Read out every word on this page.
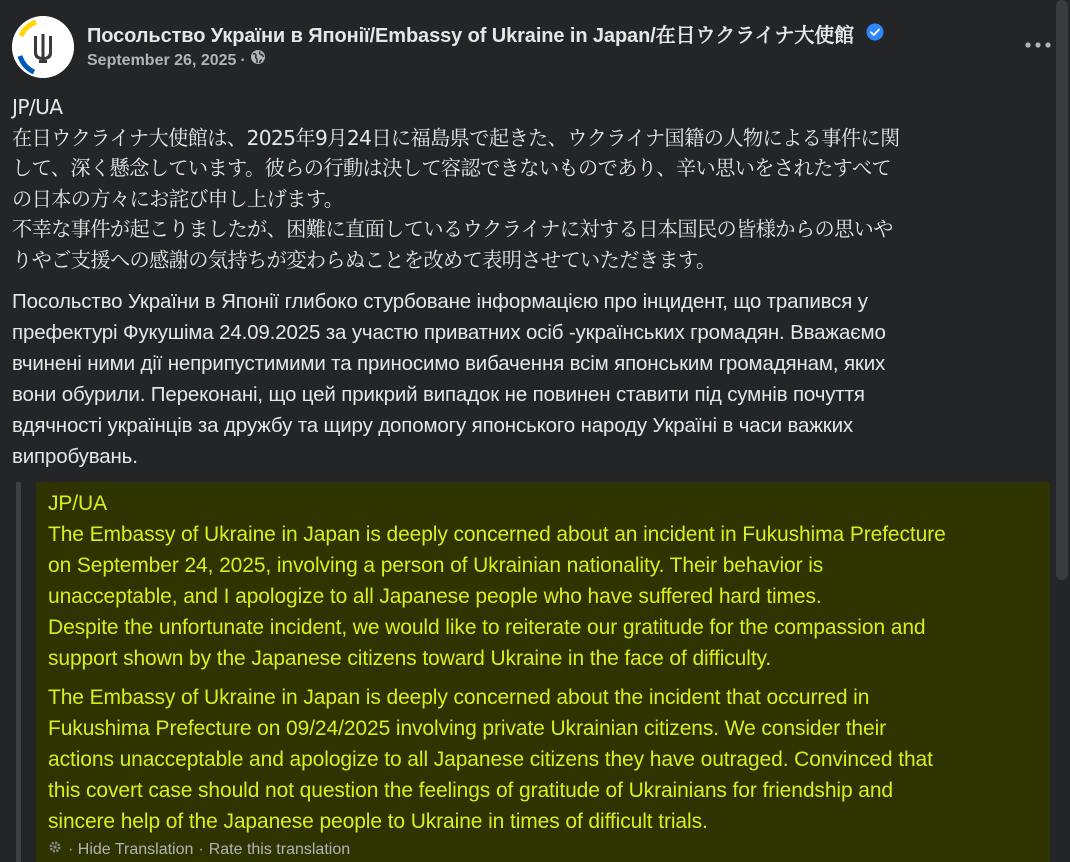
Посольство України в Японії/Embassy of Ukraine in Japan/在日ウクライナ大使館
September 26, 2025 ·

JP/UA

在日ウクライナ大使館は、2025年9月24日に福島県で起きた、ウクライナ国籍の人物による事件に関

して、深く懸念しています。彼らの行動は決して容認できないものであり、辛い思いをされたすべて

の日本の方々にお詫び申し上げます。

不幸な事件が起こりましたが、困難に直面しているウクライナに対する日本国民の皆様からの思いや

りやご支援への感謝の気持ちが変わらぬことを改めて表明させていただきます。

Посольство України в Японії глибоко стурбоване інформацією про інцидент, що трапився у

префектурі Фукушіма 24.09.2025 за участю приватних осіб -українських громадян. Вважаємо

вчинені ними дії неприпустимими та приносимо вибачення всім японським громадянам, яких

вони обурили. Переконані, що цей прикрий випадок не повинен ставити під сумнів почуття

вдячності українців за дружбу та щиру допомогу японського народу Україні в часи важких

випробувань.

JP/UA

The Embassy of Ukraine in Japan is deeply concerned about an incident in Fukushima Prefecture

on September 24, 2025, involving a person of Ukrainian nationality. Their behavior is

unacceptable, and I apologize to all Japanese people who have suffered hard times.

Despite the unfortunate incident, we would like to reiterate our gratitude for the compassion and

support shown by the Japanese citizens toward Ukraine in the face of difficulty.

The Embassy of Ukraine in Japan is deeply concerned about the incident that occurred in

Fukushima Prefecture on 09/24/2025 involving private Ukrainian citizens. We consider their

actions unacceptable and apologize to all Japanese citizens they have outraged. Convinced that

this covert case should not question the feelings of gratitude of Ukrainians for friendship and

sincere help of the Japanese people to Ukraine in times of difficult trials.

· Hide Translation · Rate this translation
